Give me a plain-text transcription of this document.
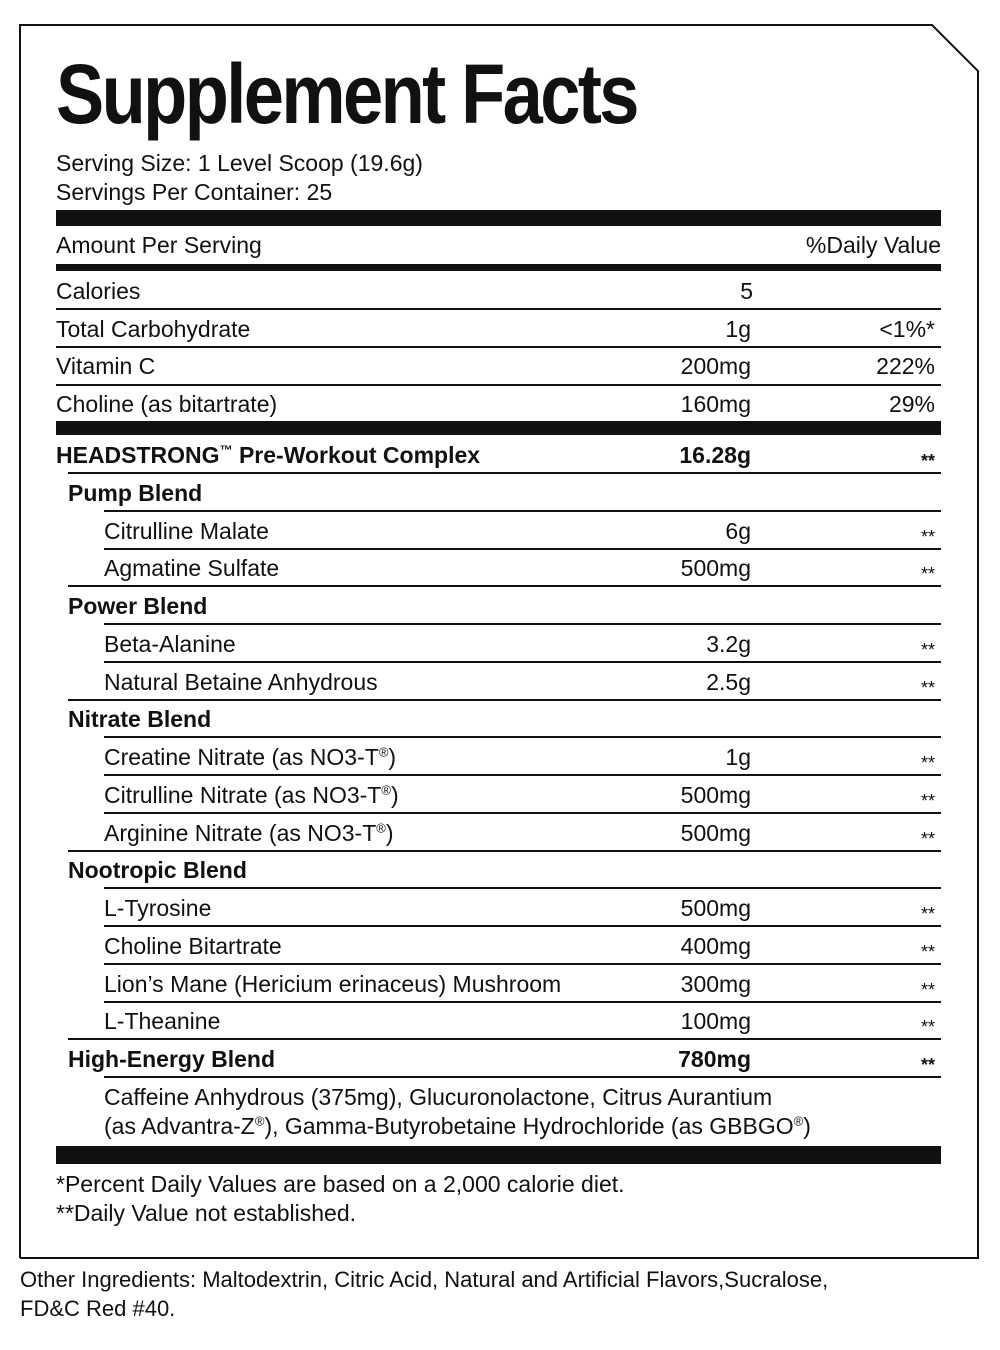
Supplement Facts
Serving Size: 1 Level Scoop (19.6g)
Servings Per Container: 25
Amount Per Serving	%Daily Value
Calories	5
Total Carbohydrate	1g	<1%*
Vitamin C	200mg	222%
Choline (as bitartrate)	160mg	29%
HEADSTRONG™ Pre-Workout Complex	16.28g	**
Pump Blend
Citrulline Malate	6g	**
Agmatine Sulfate	500mg	**
Power Blend
Beta-Alanine	3.2g	**
Natural Betaine Anhydrous	2.5g	**
Nitrate Blend
Creatine Nitrate (as NO3-T®)	1g	**
Citrulline Nitrate (as NO3-T®)	500mg	**
Arginine Nitrate (as NO3-T®)	500mg	**
Nootropic Blend
L-Tyrosine	500mg	**
Choline Bitartrate	400mg	**
Lion’s Mane (Hericium erinaceus) Mushroom	300mg	**
L-Theanine	100mg	**
High-Energy Blend	780mg	**
Caffeine Anhydrous (375mg), Glucuronolactone, Citrus Aurantium
(as Advantra-Z®), Gamma-Butyrobetaine Hydrochloride (as GBBGO®)
*Percent Daily Values are based on a 2,000 calorie diet.
**Daily Value not established.
Other Ingredients: Maltodextrin, Citric Acid, Natural and Artificial Flavors,Sucralose,
FD&C Red #40.
